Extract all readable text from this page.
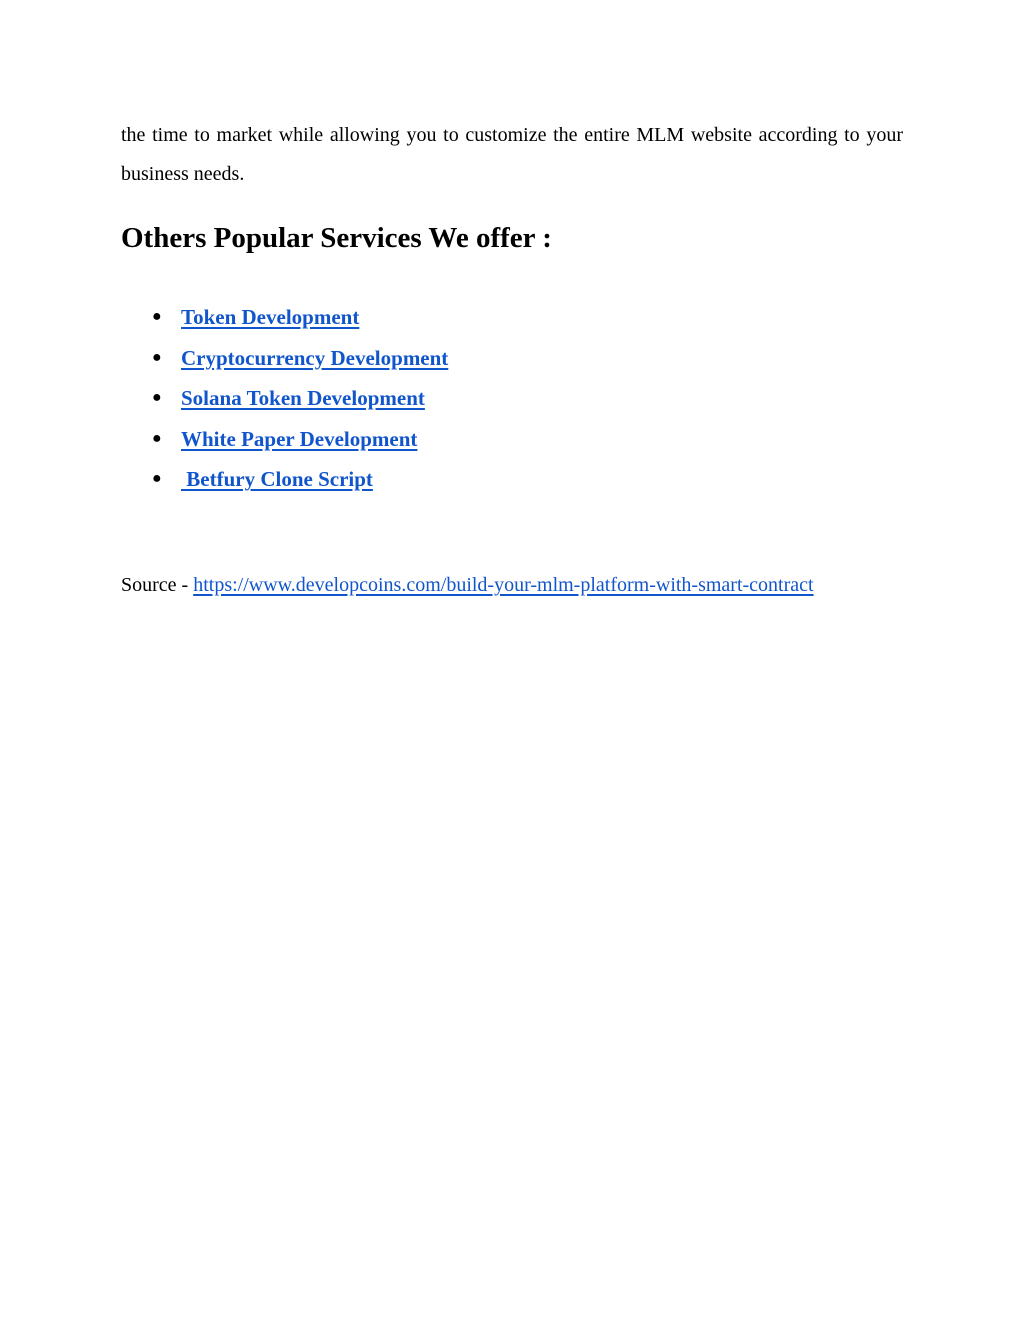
the time to market while allowing you to customize the entire MLM website according to your business needs.

Others Popular Services We offer :
● Token Development
● Cryptocurrency Development
● Solana Token Development
● White Paper Development
● Betfury Clone Script

Source - https://www.developcoins.com/build-your-mlm-platform-with-smart-contract
